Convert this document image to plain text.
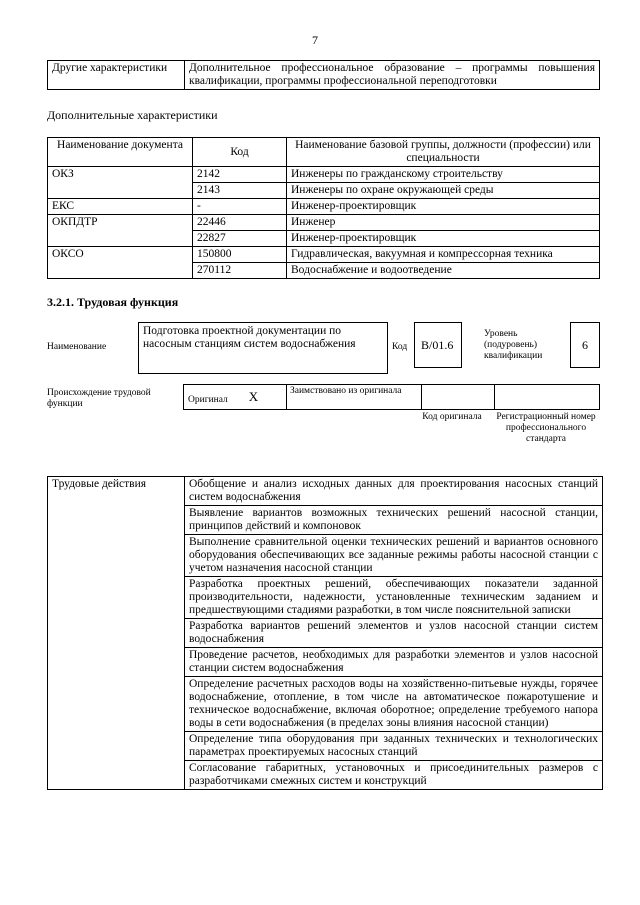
7
Другие характеристики	Дополнительное профессиональное образование – программы повышения квалификации, программы профессиональной переподготовки
Дополнительные характеристики
Наименование документа	Код	Наименование базовой группы, должности (профессии) или специальности
ОКЗ	2142	Инженеры по гражданскому строительству
	2143	Инженеры по охране окружающей среды
ЕКС	-	Инженер-проектировщик
ОКПДТР	22446	Инженер
	22827	Инженер-проектировщик
ОКСО	150800	Гидравлическая, вакуумная и компрессорная техника
	270112	Водоснабжение и водоотведение
3.2.1. Трудовая функция
Наименование
Подготовка проектной документации по насосным станциям систем водоснабжения	Код	В/01.6
Уровень (подуровень) квалификации
6
Происхождение трудовой функции	$_{Оригинал}$ X	Заимствовано из оригинала		
Код оригинала	Регистрационный номер профессионального стандарта
Трудовые действия	Обобщение и анализ исходных данных для проектирования насосных станций систем водоснабжения
Выявление вариантов возможных технических решений насосной станции, принципов действий и компоновок
Выполнение сравнительной оценки технических решений и вариантов основного оборудования обеспечивающих все заданные режимы работы насосной станции с учетом назначения насосной станции
Разработка проектных решений, обеспечивающих показатели заданной производительности, надежности, установленные техническим заданием и предшествующими стадиями разработки, в том числе пояснительной записки
Разработка вариантов решений элементов и узлов насосной станции систем водоснабжения
Проведение расчетов, необходимых для разработки элементов и узлов насосной станции систем водоснабжения
Определение расчетных расходов воды на хозяйственно-питьевые нужды, горячее водоснабжение, отопление, в том числе на автоматическое пожаротушение и техническое водоснабжение, включая оборотное; определение требуемого напора воды в сети водоснабжения (в пределах зоны влияния насосной станции)
Определение типа оборудования при заданных технических и технологических параметрах проектируемых насосных станций
Согласование габаритных, установочных и присоединительных размеров с разработчиками смежных систем и конструкций
